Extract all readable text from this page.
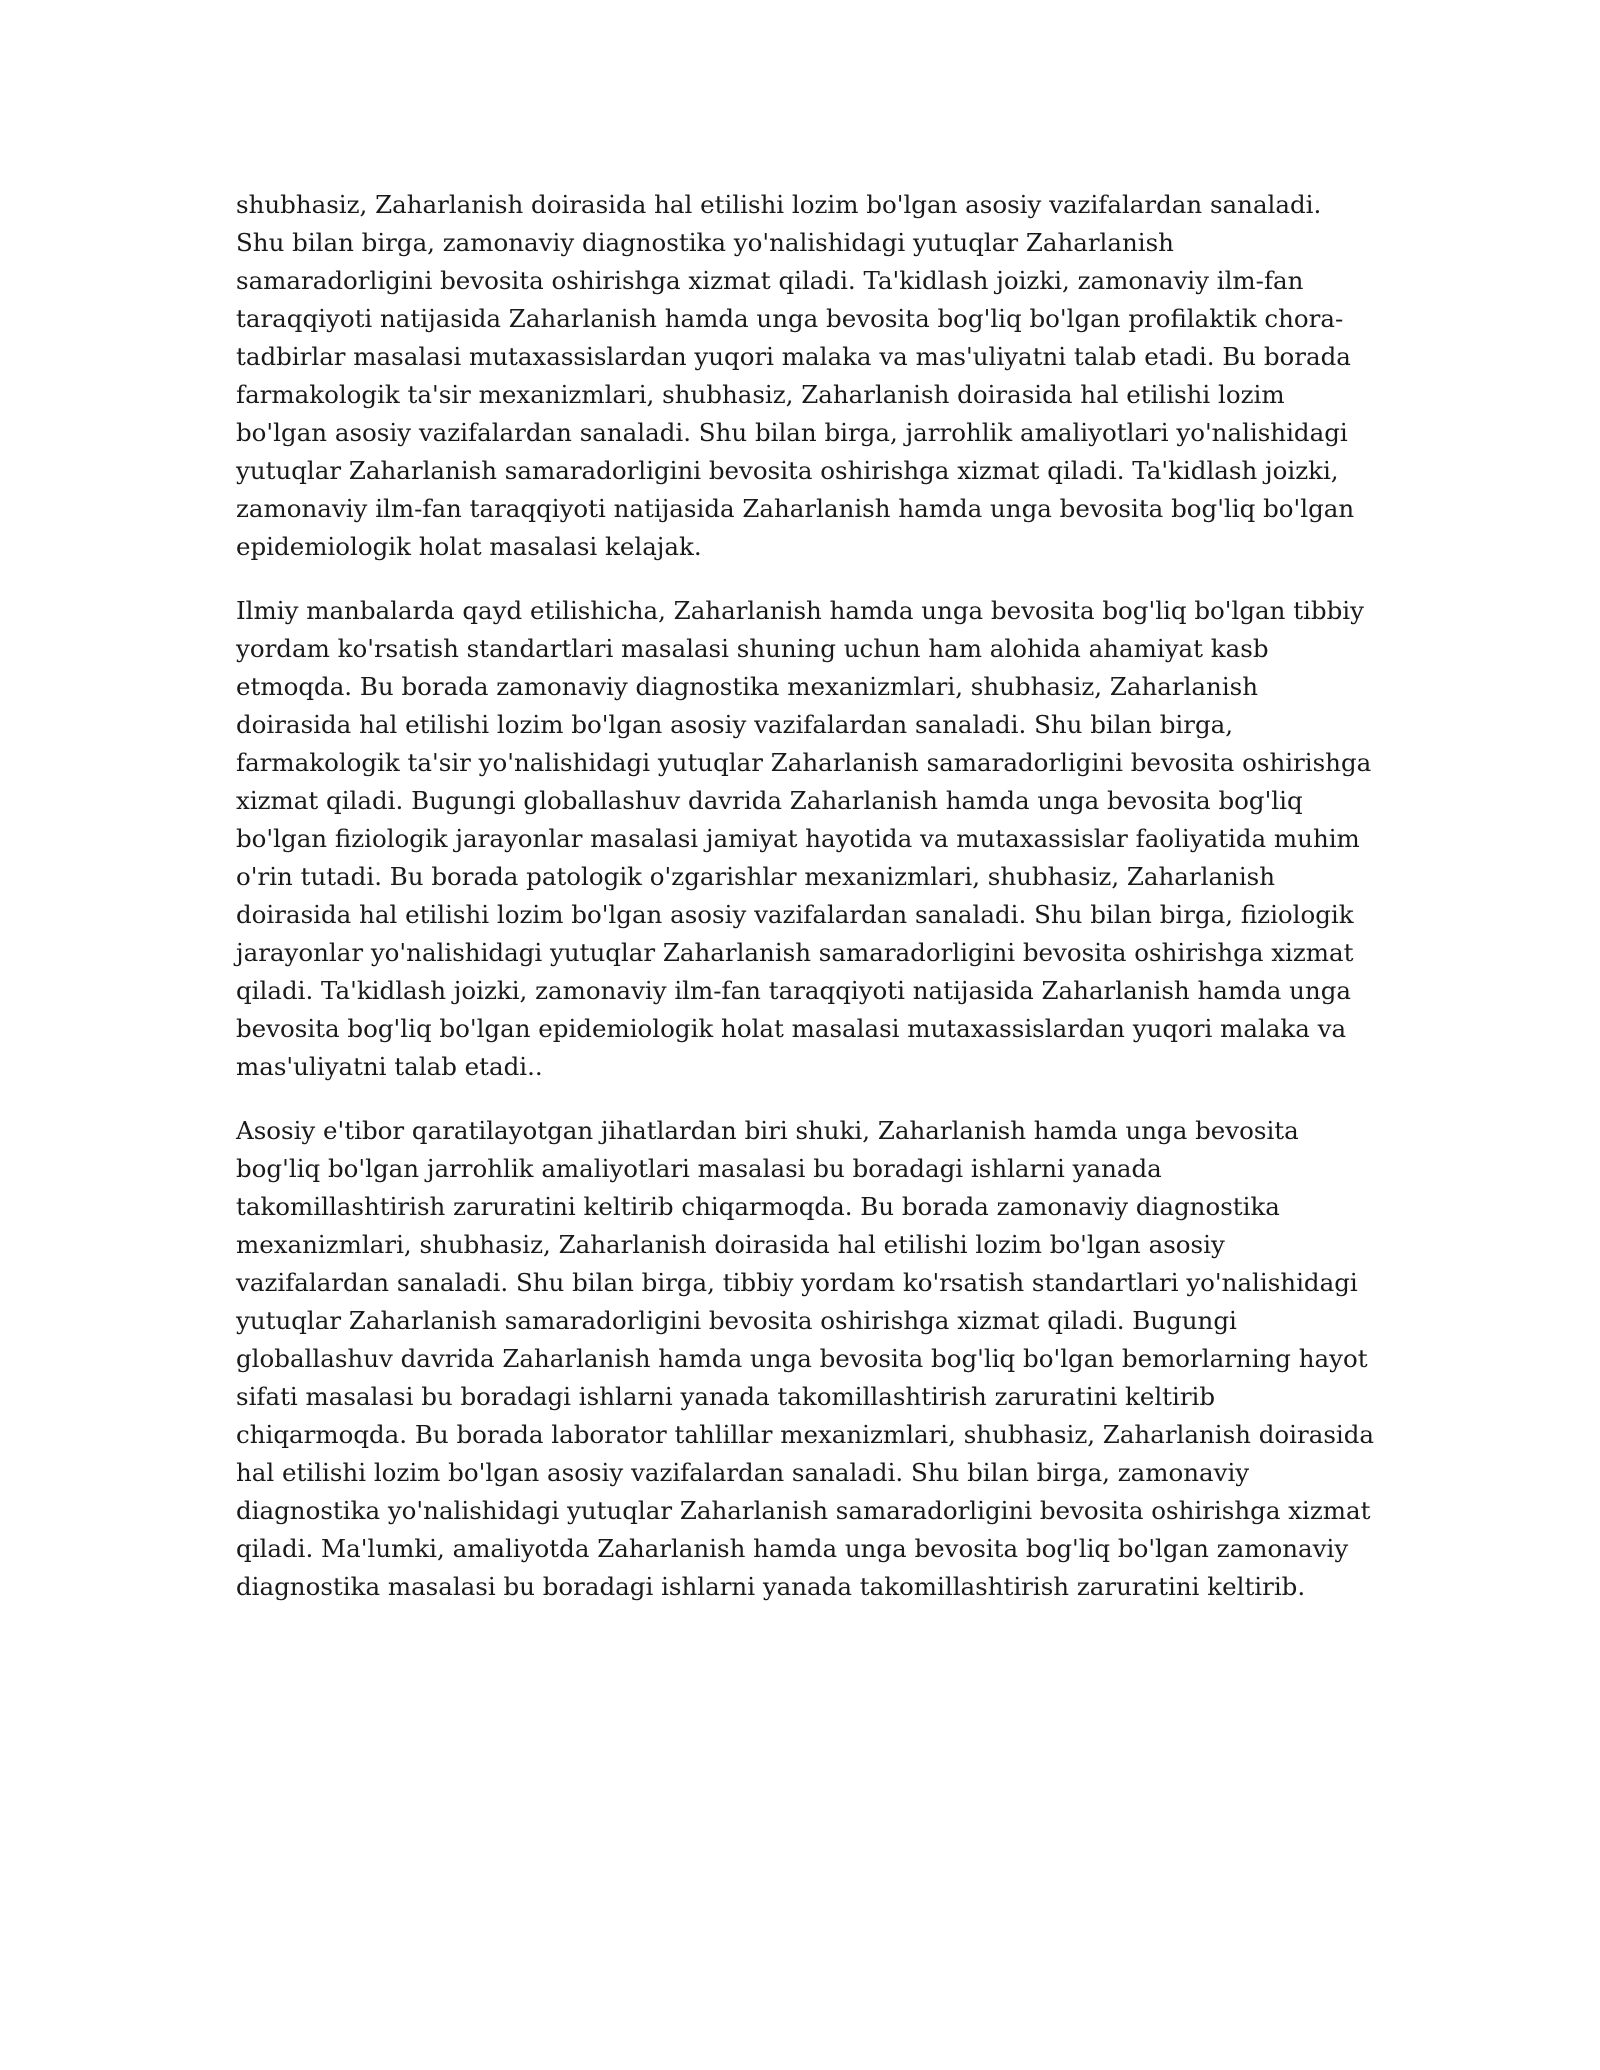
shubhasiz, Zaharlanish doirasida hal etilishi lozim bo'lgan asosiy vazifalardan sanaladi. Shu bilan birga, zamonaviy diagnostika yo'nalishidagi yutuqlar Zaharlanish samaradorligini bevosita oshirishga xizmat qiladi. Ta'kidlash joizki, zamonaviy ilm-fan taraqqiyoti natijasida Zaharlanish hamda unga bevosita bog'liq bo'lgan profilaktik chora-tadbirlar masalasi mutaxassislardan yuqori malaka va mas'uliyatni talab etadi. Bu borada farmakologik ta'sir mexanizmlari, shubhasiz, Zaharlanish doirasida hal etilishi lozim bo'lgan asosiy vazifalardan sanaladi. Shu bilan birga, jarrohlik amaliyotlari yo'nalishidagi yutuqlar Zaharlanish samaradorligini bevosita oshirishga xizmat qiladi. Ta'kidlash joizki, zamonaviy ilm-fan taraqqiyoti natijasida Zaharlanish hamda unga bevosita bog'liq bo'lgan epidemiologik holat masalasi kelajak.

Ilmiy manbalarda qayd etilishicha, Zaharlanish hamda unga bevosita bog'liq bo'lgan tibbiy yordam ko'rsatish standartlari masalasi shuning uchun ham alohida ahamiyat kasb etmoqda. Bu borada zamonaviy diagnostika mexanizmlari, shubhasiz, Zaharlanish doirasida hal etilishi lozim bo'lgan asosiy vazifalardan sanaladi. Shu bilan birga, farmakologik ta'sir yo'nalishidagi yutuqlar Zaharlanish samaradorligini bevosita oshirishga xizmat qiladi. Bugungi globallashuv davrida Zaharlanish hamda unga bevosita bog'liq bo'lgan fiziologik jarayonlar masalasi jamiyat hayotida va mutaxassislar faoliyatida muhim o'rin tutadi. Bu borada patologik o'zgarishlar mexanizmlari, shubhasiz, Zaharlanish doirasida hal etilishi lozim bo'lgan asosiy vazifalardan sanaladi. Shu bilan birga, fiziologik jarayonlar yo'nalishidagi yutuqlar Zaharlanish samaradorligini bevosita oshirishga xizmat qiladi. Ta'kidlash joizki, zamonaviy ilm-fan taraqqiyoti natijasida Zaharlanish hamda unga bevosita bog'liq bo'lgan epidemiologik holat masalasi mutaxassislardan yuqori malaka va mas'uliyatni talab etadi..

Asosiy e'tibor qaratilayotgan jihatlardan biri shuki, Zaharlanish hamda unga bevosita bog'liq bo'lgan jarrohlik amaliyotlari masalasi bu boradagi ishlarni yanada takomillashtirish zaruratini keltirib chiqarmoqda. Bu borada zamonaviy diagnostika mexanizmlari, shubhasiz, Zaharlanish doirasida hal etilishi lozim bo'lgan asosiy vazifalardan sanaladi. Shu bilan birga, tibbiy yordam ko'rsatish standartlari yo'nalishidagi yutuqlar Zaharlanish samaradorligini bevosita oshirishga xizmat qiladi. Bugungi globallashuv davrida Zaharlanish hamda unga bevosita bog'liq bo'lgan bemorlarning hayot sifati masalasi bu boradagi ishlarni yanada takomillashtirish zaruratini keltirib chiqarmoqda. Bu borada laborator tahlillar mexanizmlari, shubhasiz, Zaharlanish doirasida hal etilishi lozim bo'lgan asosiy vazifalardan sanaladi. Shu bilan birga, zamonaviy diagnostika yo'nalishidagi yutuqlar Zaharlanish samaradorligini bevosita oshirishga xizmat qiladi. Ma'lumki, amaliyotda Zaharlanish hamda unga bevosita bog'liq bo'lgan zamonaviy diagnostika masalasi bu boradagi ishlarni yanada takomillashtirish zaruratini keltirib.
